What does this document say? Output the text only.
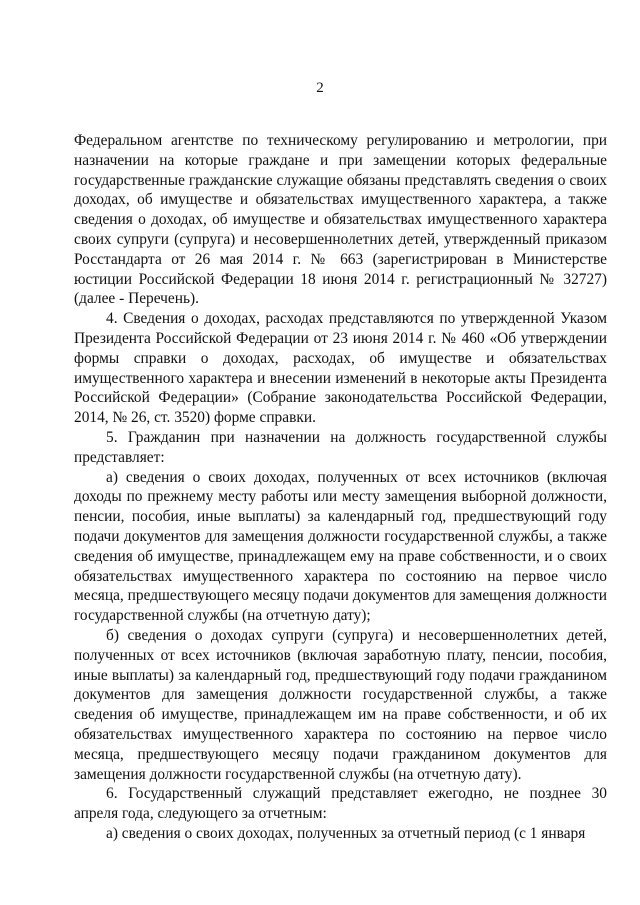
2

Федеральном агентстве по техническому регулированию и метрологии, при назначении на которые граждане и при замещении которых федеральные государственные гражданские служащие обязаны представлять сведения о своих доходах, об имуществе и обязательствах имущественного характера, а также сведения о доходах, об имуществе и обязательствах имущественного характера своих супруги (супруга) и несовершеннолетних детей, утвержденный приказом Росстандарта от 26 мая 2014 г. № 663 (зарегистрирован в Министерстве юстиции Российской Федерации 18 июня 2014 г. регистрационный № 32727) (далее - Перечень).

4. Сведения о доходах, расходах представляются по утвержденной Указом Президента Российской Федерации от 23 июня 2014 г. № 460 «Об утверждении формы справки о доходах, расходах, об имуществе и обязательствах имущественного характера и внесении изменений в некоторые акты Президента Российской Федерации» (Собрание законодательства Российской Федерации, 2014, № 26, ст. 3520) форме справки.

5. Гражданин при назначении на должность государственной службы представляет:

а) сведения о своих доходах, полученных от всех источников (включая доходы по прежнему месту работы или месту замещения выборной должности, пенсии, пособия, иные выплаты) за календарный год, предшествующий году подачи документов для замещения должности государственной службы, а также сведения об имуществе, принадлежащем ему на праве собственности, и о своих обязательствах имущественного характера по состоянию на первое число месяца, предшествующего месяцу подачи документов для замещения должности государственной службы (на отчетную дату);

б) сведения о доходах супруги (супруга) и несовершеннолетних детей, полученных от всех источников (включая заработную плату, пенсии, пособия, иные выплаты) за календарный год, предшествующий году подачи гражданином документов для замещения должности государственной службы, а также сведения об имуществе, принадлежащем им на праве собственности, и об их обязательствах имущественного характера по состоянию на первое число месяца, предшествующего месяцу подачи гражданином документов для замещения должности государственной службы (на отчетную дату).

6. Государственный служащий представляет ежегодно, не позднее 30 апреля года, следующего за отчетным:

а) сведения о своих доходах, полученных за отчетный период (с 1 января
